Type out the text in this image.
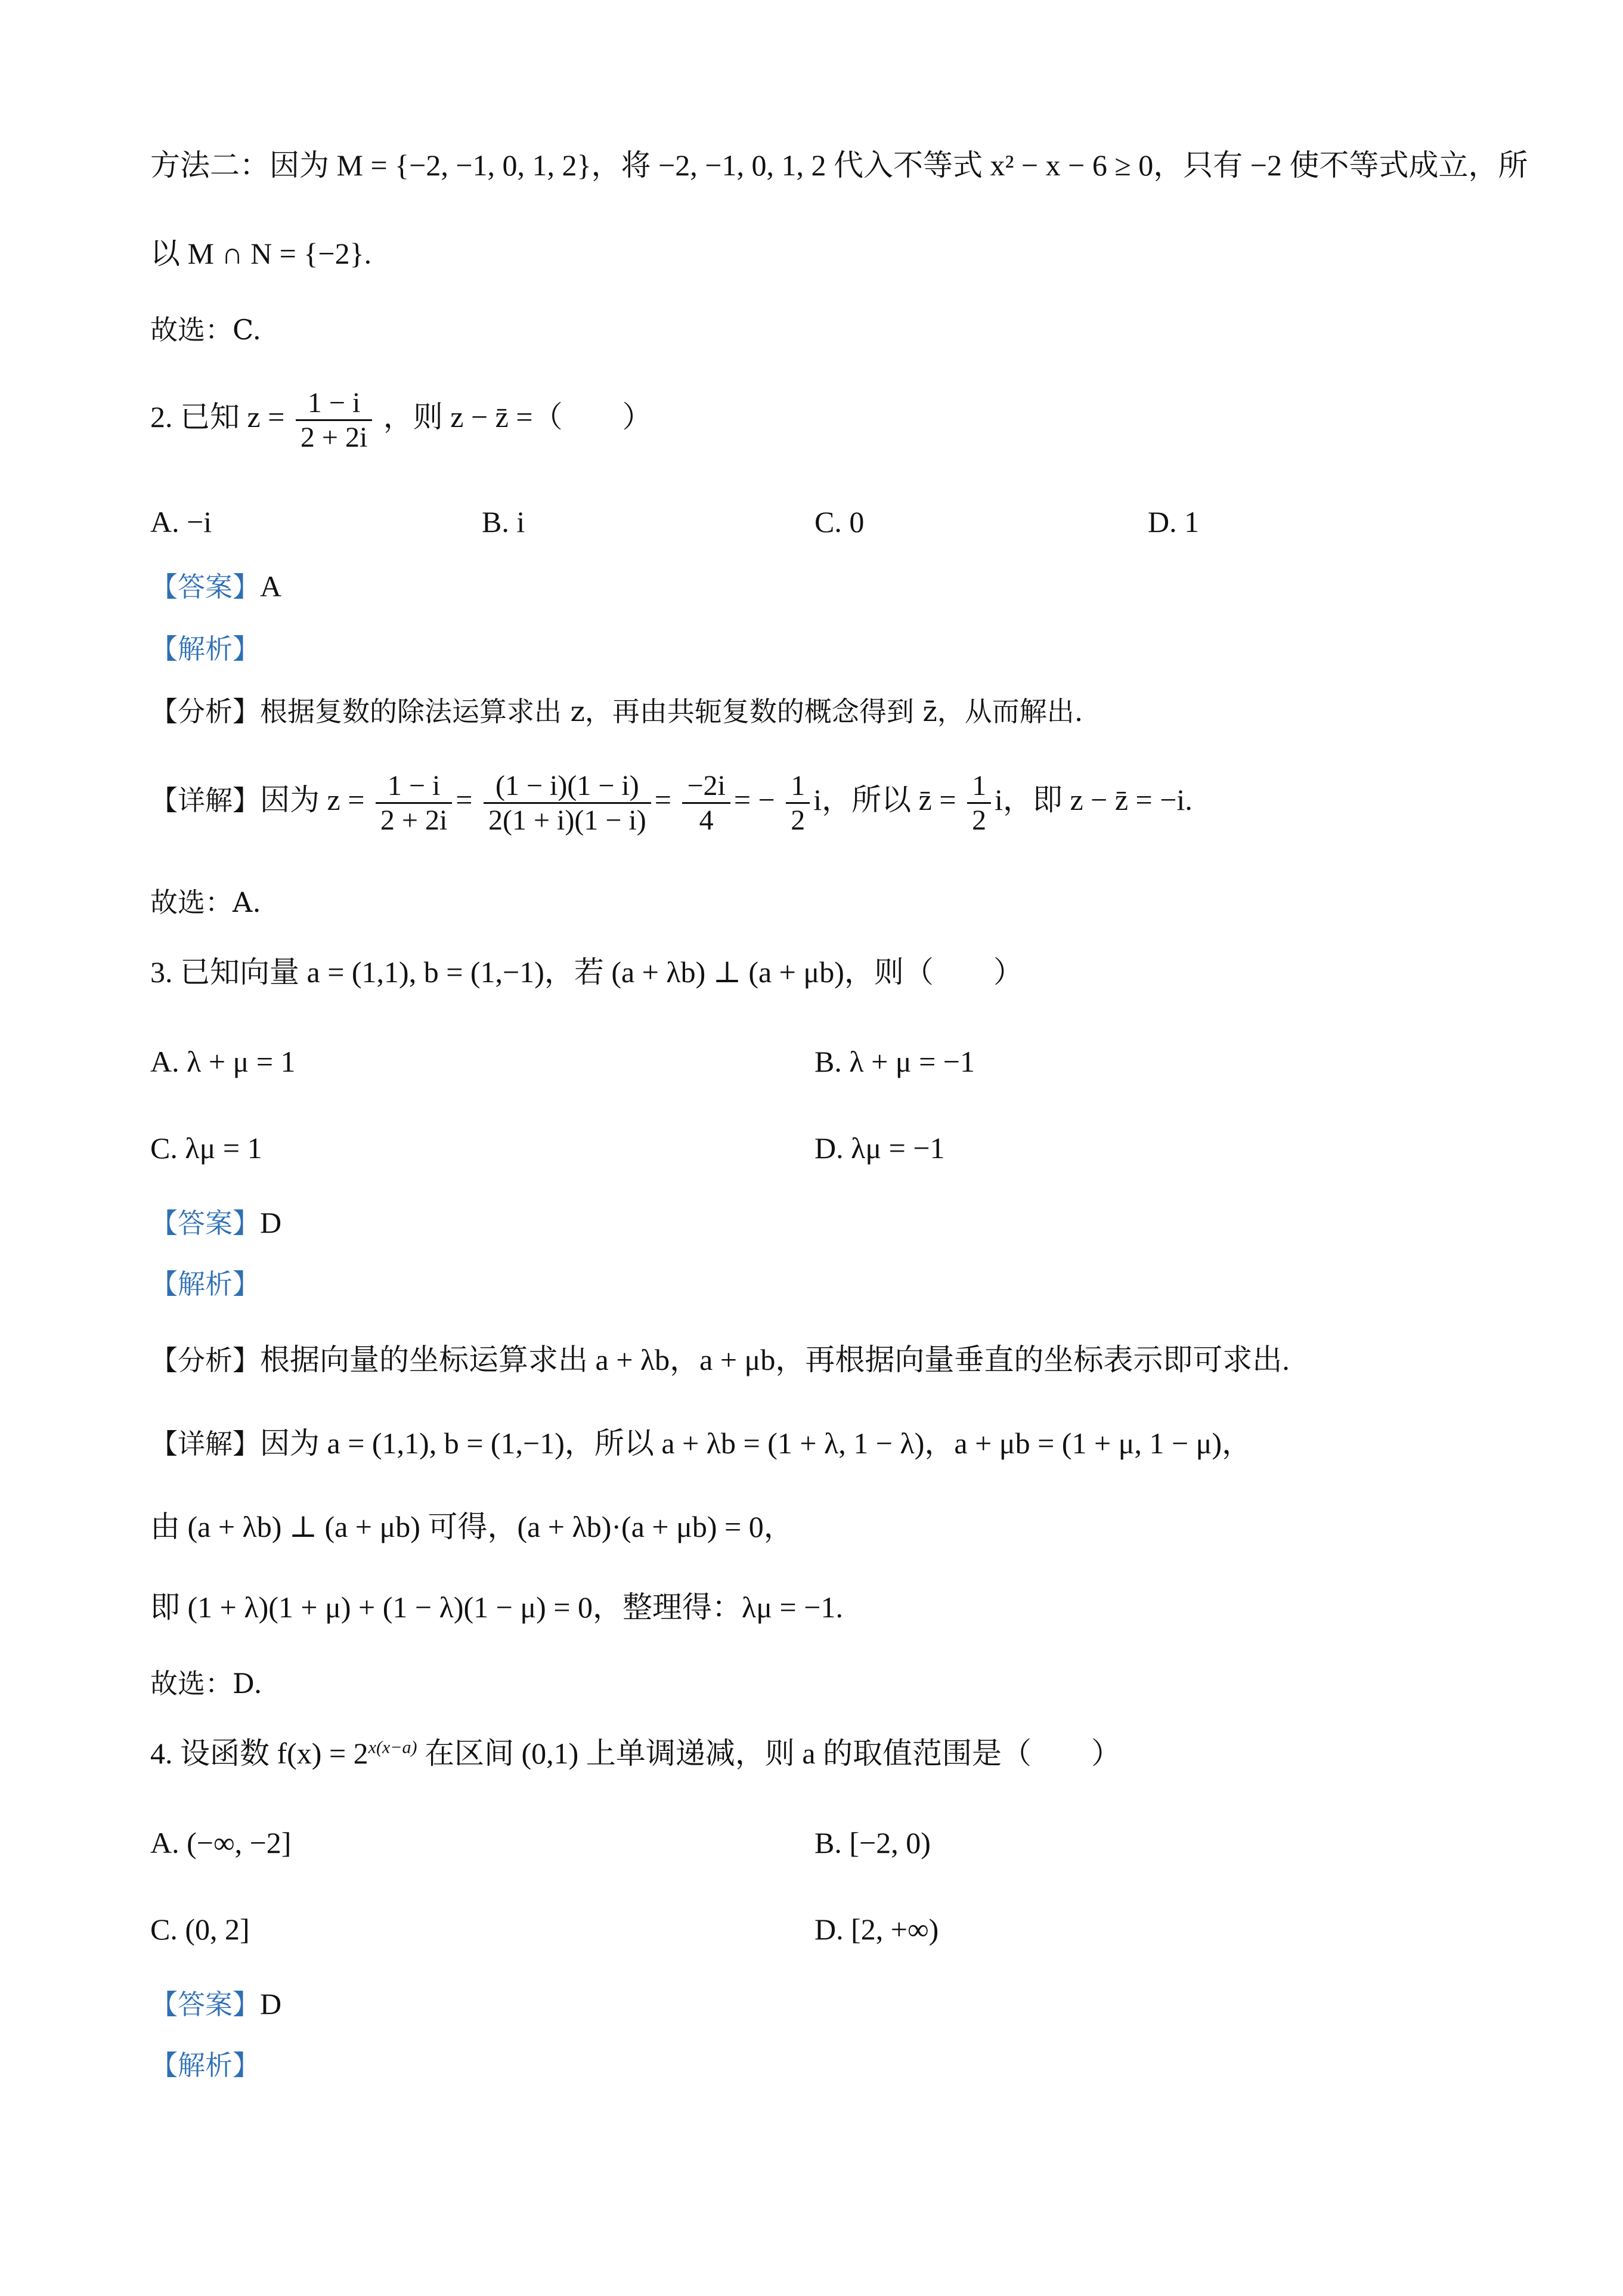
方法二：因为 M = {−2, −1, 0, 1, 2}，将 −2, −1, 0, 1, 2 代入不等式 x² − x − 6 ≥ 0，只有 −2 使不等式成立，所
以 M ∩ N = {−2}.
故选：C.
2. 已知 $z = \frac{1 - i}{2 + 2i}$ ，则 z − z̄ =（　　）
A. −i	B. i	C. 0	D. 1
【答案】A
【解析】
【分析】根据复数的除法运算求出 z，再由共轭复数的概念得到 z̄，从而解出.
【详解】因为 $z = \frac{1 - i}{2 + 2i} = \frac{(1 - i)(1 - i)}{2(1 + i)(1 - i)} = \frac{-2i}{4}$ = − $\frac{1}{2}$ i，所以 z̄ = $\frac{1}{2}$ i，即 z − z̄ = −i.
故选：A.
3. 已知向量 a = (1,1), b = (1,−1)，若 (a + λb) ⊥ (a + μb)，则（　　）
A. λ + μ = 1	B. λ + μ = −1
C. λμ = 1	D. λμ = −1
【答案】D
【解析】
【分析】根据向量的坐标运算求出 a + λb，a + μb，再根据向量垂直的坐标表示即可求出.
【详解】因为 a = (1,1), b = (1,−1)，所以 a + λb = (1 + λ, 1 − λ)，a + μb = (1 + μ, 1 − μ)，
由 (a + λb) ⊥ (a + μb) 可得，(a + λb)·(a + μb) = 0，
即 (1 + λ)(1 + μ) + (1 − λ)(1 − μ) = 0，整理得：λμ = −1.
故选：D.
4. 设函数 $f(x) = 2^{x(x-a)}$ 在区间 (0,1) 上单调递减，则 a 的取值范围是（　　）
A. (−∞, −2]	B. [−2, 0)
C. (0, 2]	D. [2, +∞)
【答案】D
【解析】
